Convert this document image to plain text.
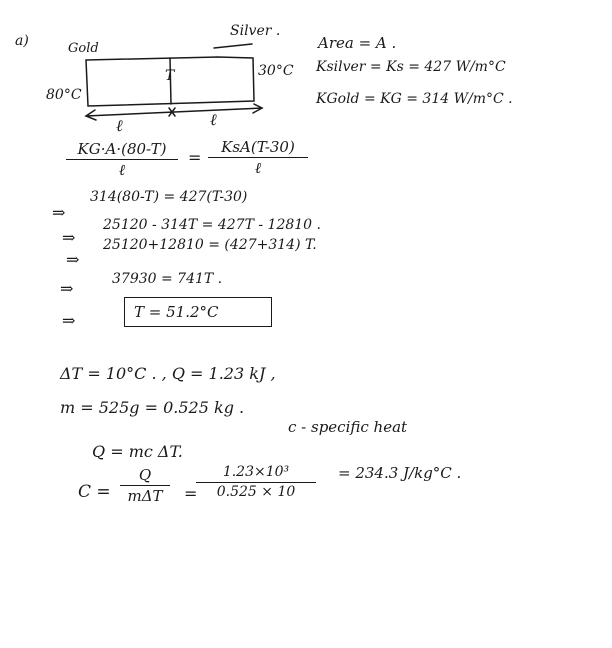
a)	Gold
Silver .
80°C
30°C
T
ℓ	ℓ
Area = A .
Ksilver = Ks = 427 W/m°C
KGold = KG = 314 W/m°C .
KG·A·(80-T)
ℓ
=
KsA(T-30)
ℓ
⇒
314(80-T) = 427(T-30)
⇒
25120 - 314T = 427T - 12810 .
⇒
25120+12810 = (427+314) T.
⇒	37930 = 741T .
⇒	T = 51.2°C
ΔT = 10°C . , Q = 1.23 kJ ,
m = 525g = 0.525 kg .
Q = mc ΔT.
c - specific heat
C =
Q
mΔT	=
1.23×10³
0.525 × 10
= 234.3 J/kg°C .
